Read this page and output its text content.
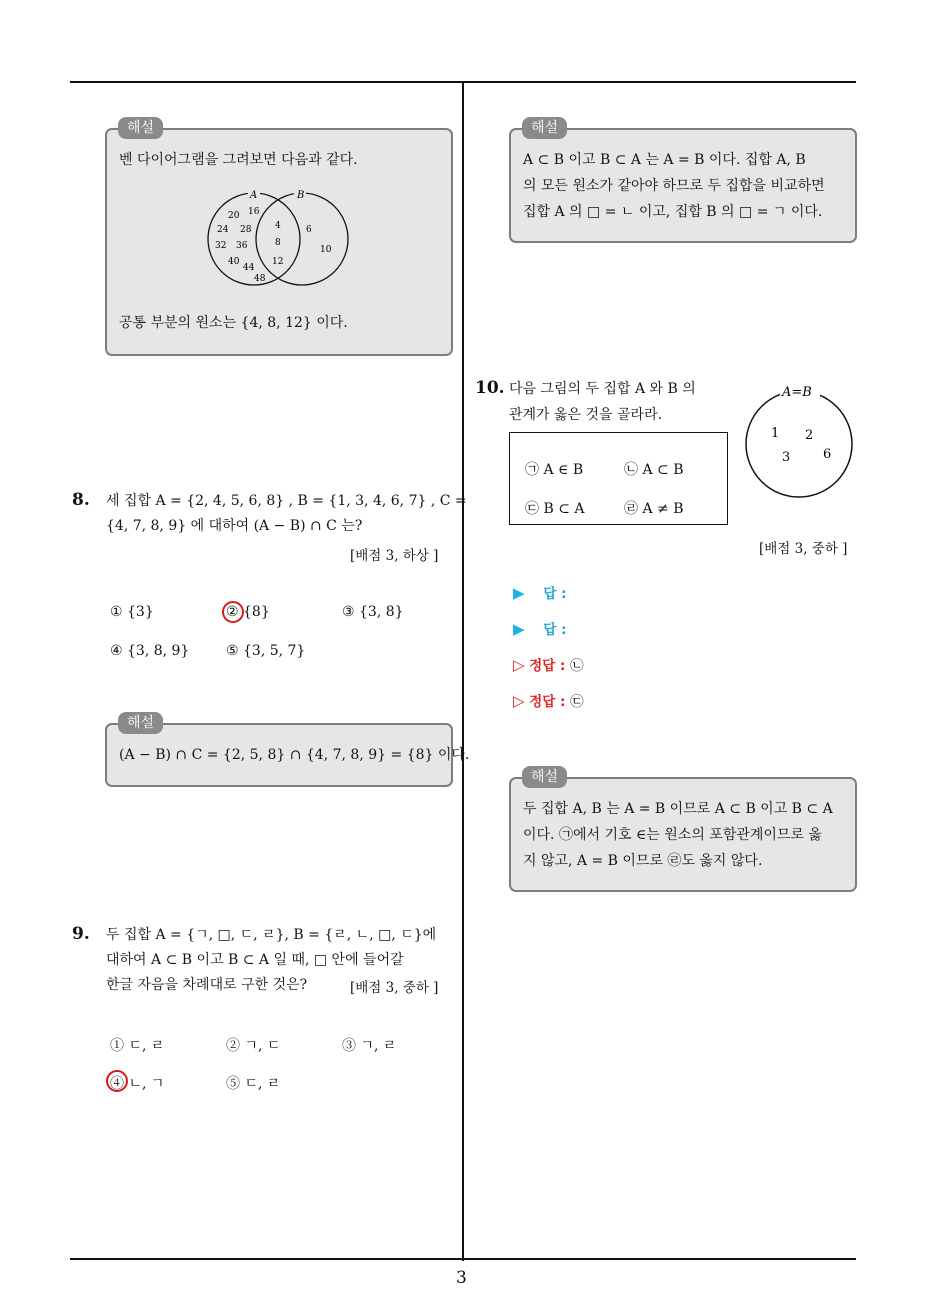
3
해설
벤 다이어그램을 그려보면 다음과 같다.
A	B
20 16
24 28
32 36
40
44
48
4
8
12
6
10
공통 부분의 원소는 {4, 8, 12} 이다.
8. 세 집합 A = {2, 4, 5, 6, 8} , B = {1, 3, 4, 6, 7} , C =
{4, 7, 8, 9} 에 대하여 (A − B) ∩ C 는?
[배점 3, 하상 ]
① {3}	② {8}	③ {3, 8}
④ {3, 8, 9}	⑤ {3, 5, 7}
해설
(A − B) ∩ C = {2, 5, 8} ∩ {4, 7, 8, 9} = {8} 이다.
9. 두 집합 A = {ㄱ, □, ㄷ, ㄹ}, B = {ㄹ, ㄴ, □, ㄷ}에
대하여 A ⊂ B 이고 B ⊂ A 일 때, □ 안에 들어갈
한글 자음을 차례대로 구한 것은?	[배점 3, 중하 ]
① ㄷ, ㄹ	② ㄱ, ㄷ	③ ㄱ, ㄹ
④ ㄴ, ㄱ	⑤ ㄷ, ㄹ
해설
A ⊂ B 이고 B ⊂ A 는 A = B 이다. 집합 A, B
의 모든 원소가 같아야 하므로 두 집합을 비교하면
집합 A 의 □ = ㄴ 이고, 집합 B 의 □ = ㄱ 이다.
10. 다음 그림의 두 집합 A 와 B 의
관계가 옳은 것을 골라라.
㉠ A ∈ B	㉡ A ⊂ B
㉢ B ⊂ A	㉣ A ≠ B
A=B
1 2
3	6
[배점 3, 중하 ]
▶ 답 :
▶ 답 :
▷ 정답 : ㉡
▷ 정답 : ㉢
해설
두 집합 A, B 는 A = B 이므로 A ⊂ B 이고 B ⊂ A
이다. ㉠에서 기호 ∈는 원소의 포함관계이므로 옳
지 않고, A = B 이므로 ㉣도 옳지 않다.
